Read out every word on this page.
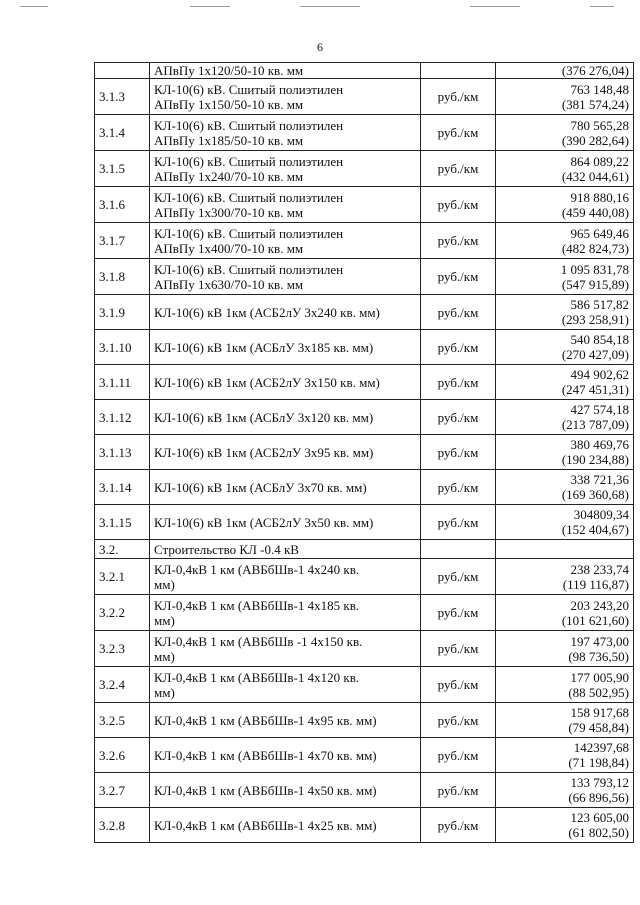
6

	АПвПу 1х120/50-10 кв. мм		(376 276,04)

3.1.3	КЛ-10(6) кВ. Сшитый полиэтилен
АПвПу 1х150/50-10 кв. мм	руб./км	763 148,48
(381 574,24)

3.1.4	КЛ-10(6) кВ. Сшитый полиэтилен
АПвПу 1х185/50-10 кв. мм	руб./км	780 565,28
(390 282,64)

3.1.5	КЛ-10(6) кВ. Сшитый полиэтилен
АПвПу 1х240/70-10 кв. мм	руб./км	864 089,22
(432 044,61)

3.1.6	КЛ-10(6) кВ. Сшитый полиэтилен
АПвПу 1х300/70-10 кв. мм	руб./км	918 880,16
(459 440,08)

3.1.7	КЛ-10(6) кВ. Сшитый полиэтилен
АПвПу 1х400/70-10 кв. мм	руб./км	965 649,46
(482 824,73)

3.1.8	КЛ-10(6) кВ. Сшитый полиэтилен
АПвПу 1х630/70-10 кв. мм	руб./км	1 095 831,78
(547 915,89)

3.1.9	КЛ-10(6) кВ 1км (АСБ2лУ 3х240 кв. мм)	руб./км	586 517,82
(293 258,91)

3.1.10	КЛ-10(6) кВ 1км (АСБлУ 3х185 кв. мм)	руб./км	540 854,18
(270 427,09)

3.1.11	КЛ-10(6) кВ 1км (АСБ2лУ 3х150 кв. мм)	руб./км	494 902,62
(247 451,31)

3.1.12	КЛ-10(6) кВ 1км (АСБлУ 3х120 кв. мм)	руб./км	427 574,18
(213 787,09)

3.1.13	КЛ-10(6) кВ 1км (АСБ2лУ 3х95 кв. мм)	руб./км	380 469,76
(190 234,88)

3.1.14	КЛ-10(6) кВ 1км (АСБлУ 3х70 кв. мм)	руб./км	338 721,36
(169 360,68)

3.1.15	КЛ-10(6) кВ 1км (АСБ2лУ 3х50 кв. мм)	руб./км	304809,34
(152 404,67)

3.2.	Строительство КЛ -0.4 кВ		

3.2.1	КЛ-0,4кВ 1 км (АВБбШв-1 4х240 кв.
мм)	руб./км	238 233,74
(119 116,87)

3.2.2	КЛ-0,4кВ 1 км (АВБбШв-1 4х185 кв.
мм)	руб./км	203 243,20
(101 621,60)

3.2.3	КЛ-0,4кВ 1 км (АВБбШв -1 4х150 кв.
мм)	руб./км	197 473,00
(98 736,50)

3.2.4	КЛ-0,4кВ 1 км (АВБбШв-1 4х120 кв.
мм)	руб./км	177 005,90
(88 502,95)

3.2.5	КЛ-0,4кВ 1 км (АВБбШв-1 4х95 кв. мм)	руб./км	158 917,68
(79 458,84)

3.2.6	КЛ-0,4кВ 1 км (АВБбШв-1 4х70 кв. мм)	руб./км	142397,68
(71 198,84)

3.2.7	КЛ-0,4кВ 1 км (АВБбШв-1 4х50 кв. мм)	руб./км	133 793,12
(66 896,56)

3.2.8	КЛ-0,4кВ 1 км (АВБбШв-1 4х25 кв. мм)	руб./км	123 605,00
(61 802,50)
